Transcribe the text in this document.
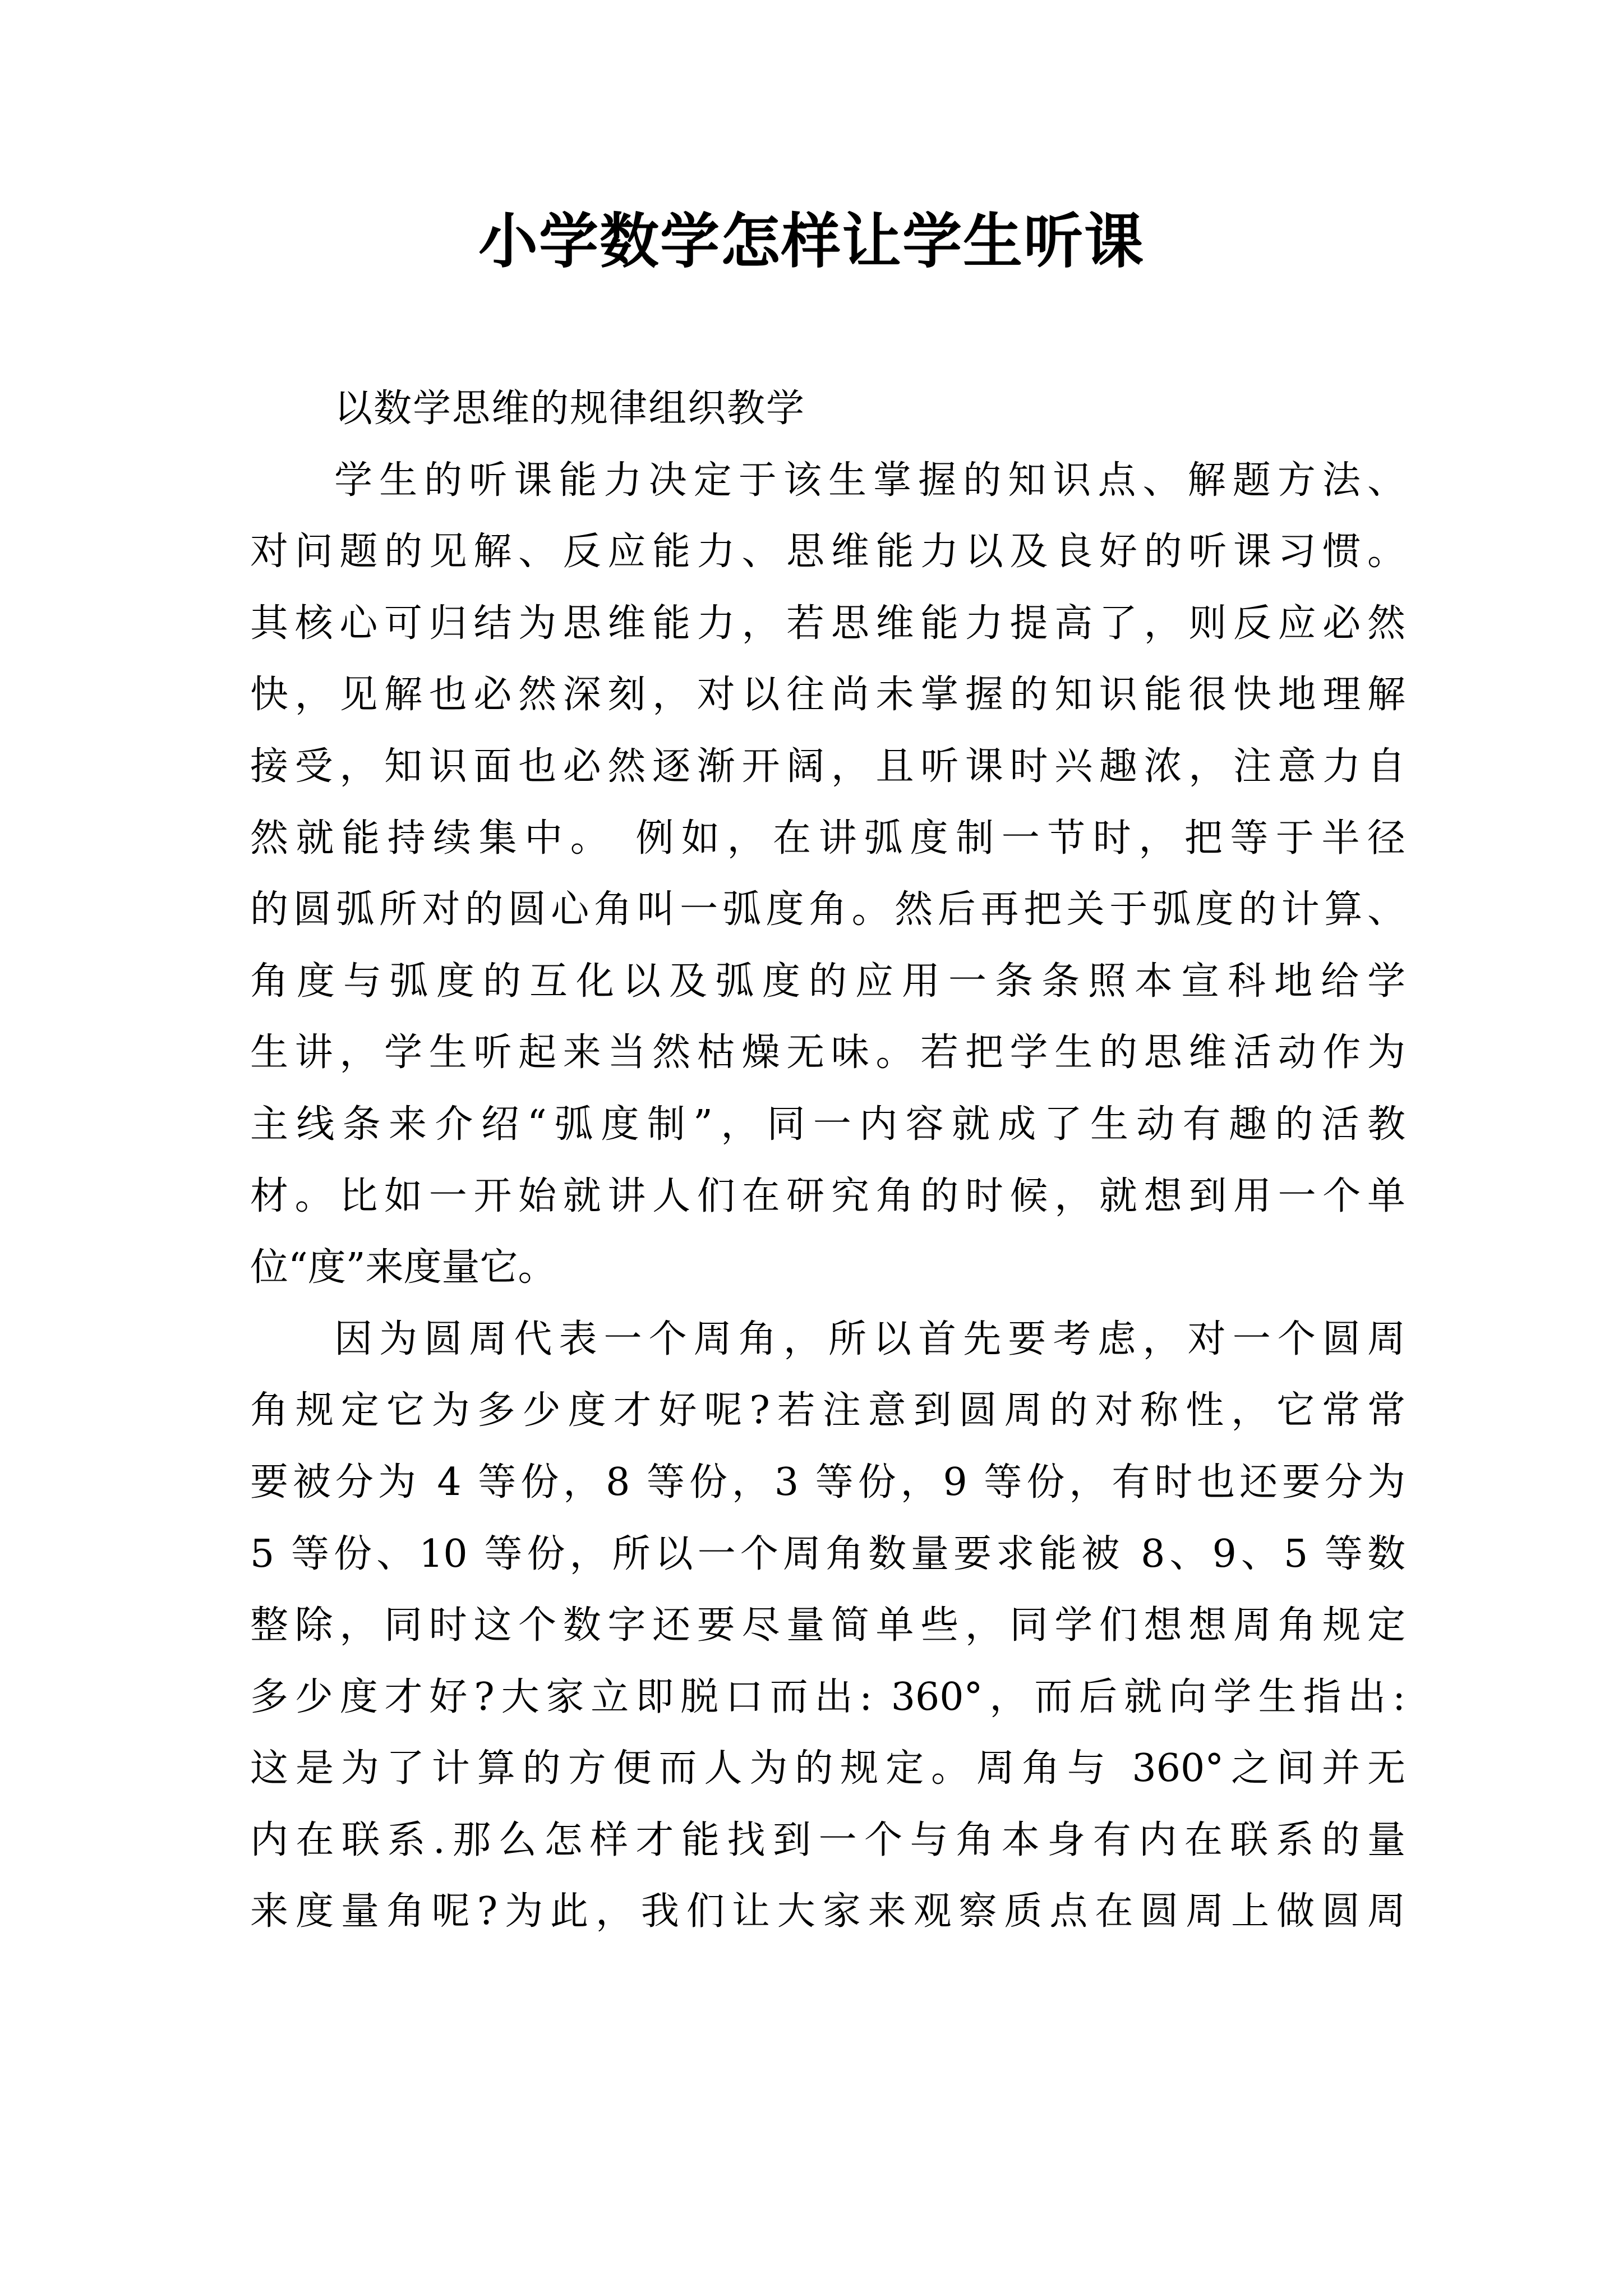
小学数学怎样让学生听课
以数学思维的规律组织教学
学生的听课能力决定于该生掌握的知识点、解题方法、
对问题的见解、反应能力、思维能力以及良好的听课习惯。
其核心可归结为思维能力，若思维能力提高了，则反应必然
快，见解也必然深刻，对以往尚未掌握的知识能很快地理解
接受，知识面也必然逐渐开阔，且听课时兴趣浓，注意力自
然就能持续集中。 例如，在讲弧度制一节时，把等于半径
的圆弧所对的圆心角叫一弧度角。然后再把关于弧度的计算、
角度与弧度的互化以及弧度的应用一条条照本宣科地给学
生讲，学生听起来当然枯燥无味。若把学生的思维活动作为
主线条来介绍“弧度制”，同一内容就成了生动有趣的活教
材。比如一开始就讲人们在研究角的时候，就想到用一个单
位“度”来度量它。
因为圆周代表一个周角，所以首先要考虑，对一个圆周
角规定它为多少度才好呢?若注意到圆周的对称性，它常常
要被分为 4 等份，8 等份，3 等份，9 等份，有时也还要分为
5 等份、10 等份，所以一个周角数量要求能被 8、9、5 等数
整除，同时这个数字还要尽量简单些，同学们想想周角规定
多少度才好?大家立即脱口而出: 360°，而后就向学生指出:
这是为了计算的方便而人为的规定。周角与 360°之间并无
内在联系.那么怎样才能找到一个与角本身有内在联系的量
来度量角呢?为此，我们让大家来观察质点在圆周上做圆周
